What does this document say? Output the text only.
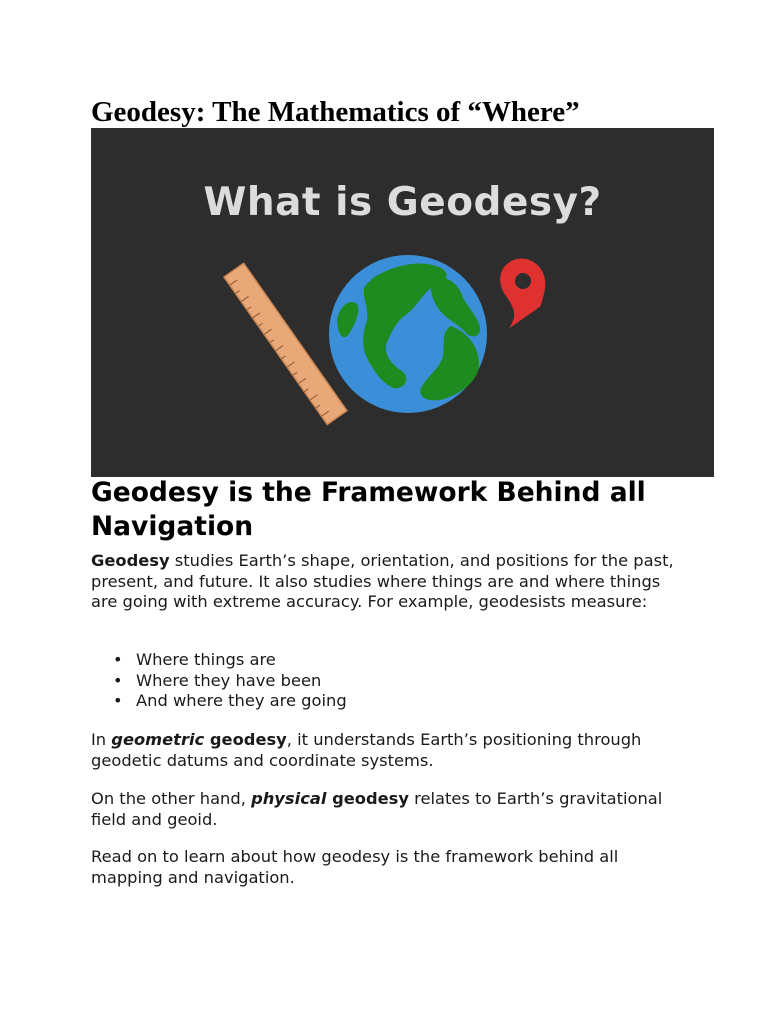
Geodesy: The Mathematics of “Where”
What is Geodesy?
Geodesy is the Framework Behind all Navigation

Geodesy studies Earth’s shape, orientation, and positions for the past, present, and future. It also studies where things are and where things are going with extreme accuracy. For example, geodesists measure:

• Where things are
• Where they have been
• And where they are going

In geometric geodesy, it understands Earth’s positioning through geodetic datums and coordinate systems.

On the other hand, physical geodesy relates to Earth’s gravitational field and geoid.

Read on to learn about how geodesy is the framework behind all mapping and navigation.
